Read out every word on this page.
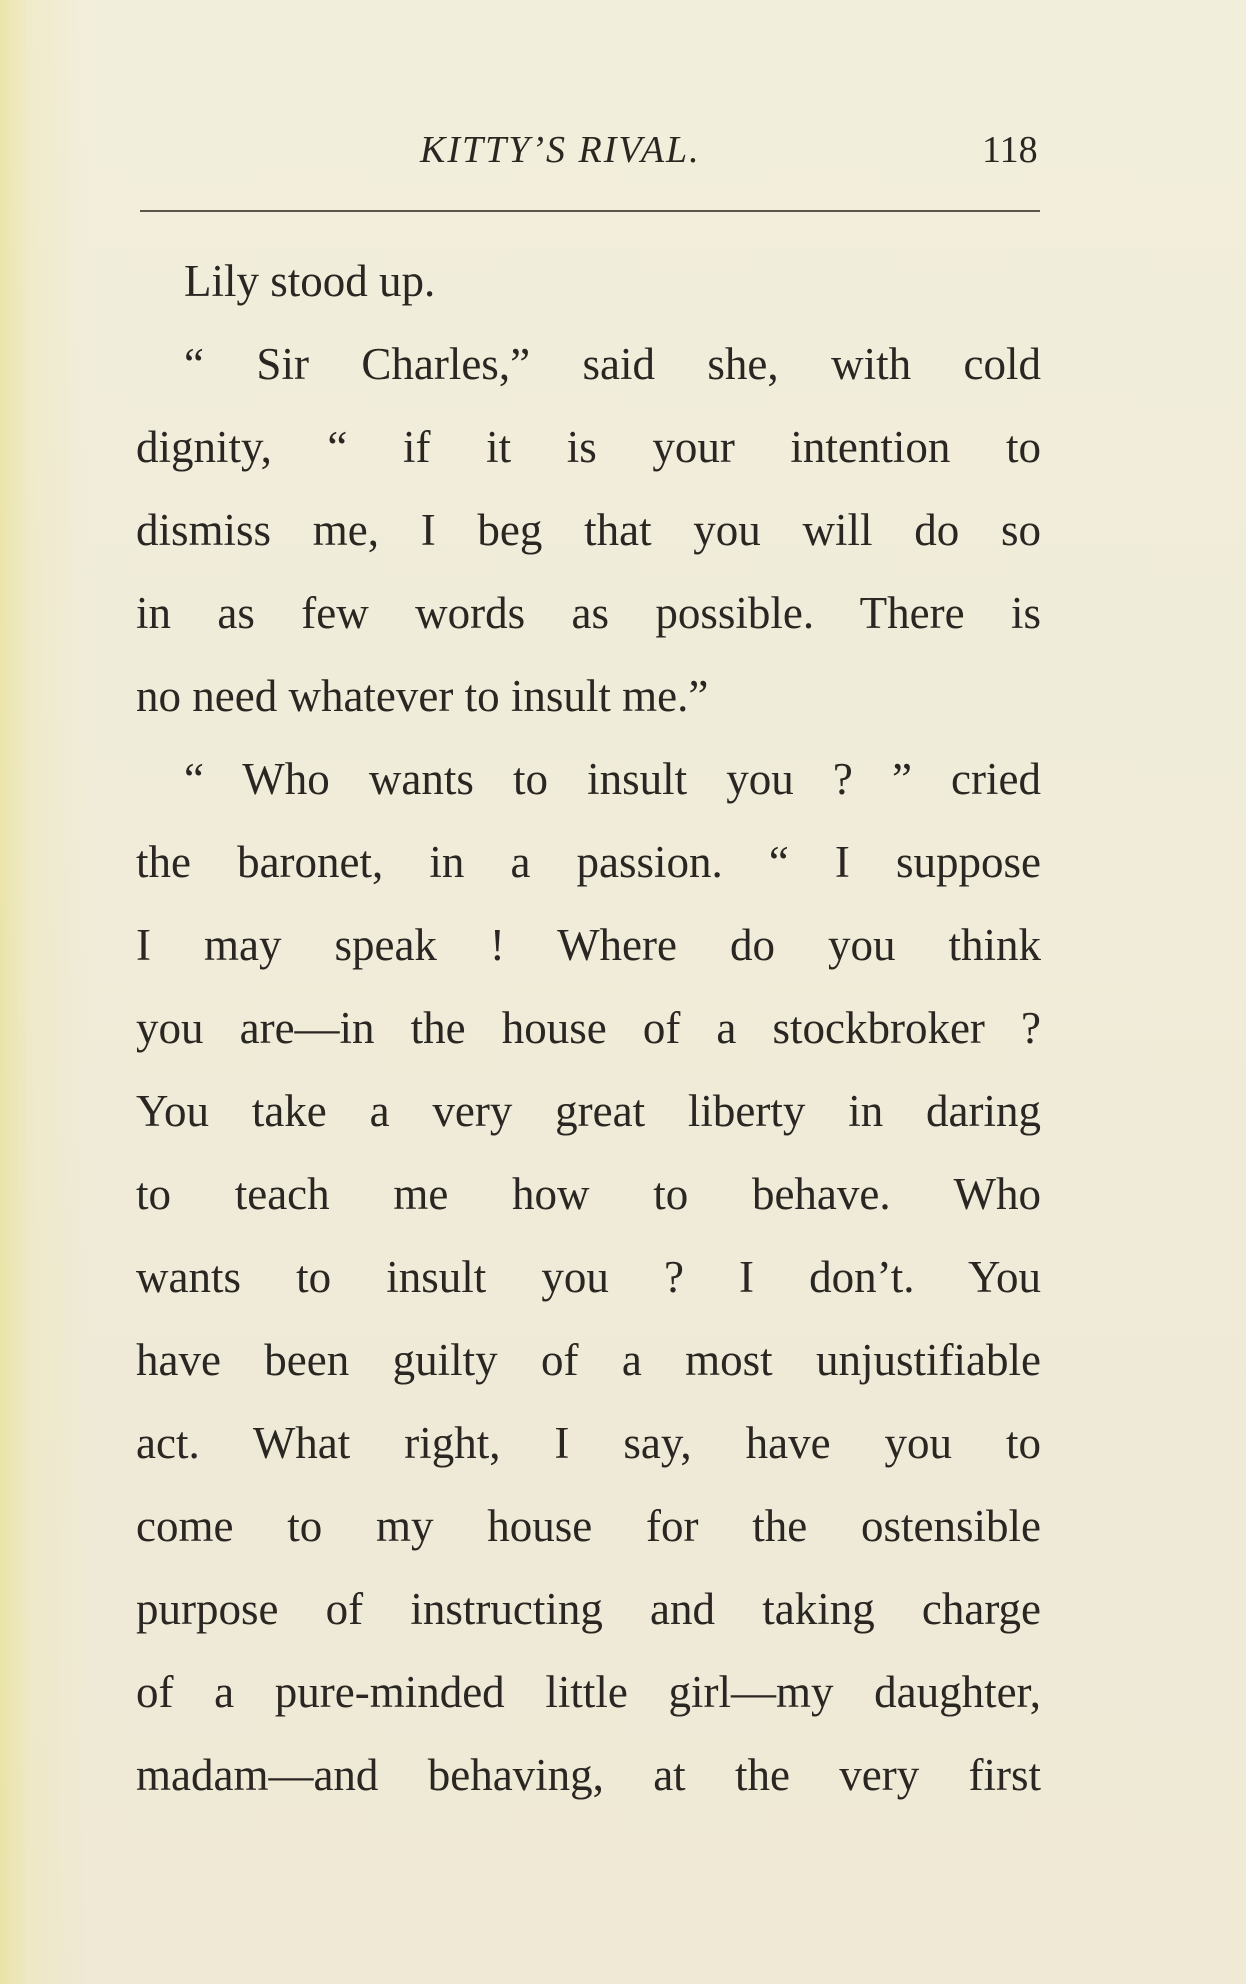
KITTY’S RIVAL.	118
Lily stood up.
“ Sir Charles,” said she, with cold
dignity, “ if it is your intention to
dismiss me, I beg that you will do so
in as few words as possible. There is
no need whatever to insult me.”
“ Who wants to insult you ? ” cried
the baronet, in a passion. “ I suppose
I may speak ! Where do you think
you are—in the house of a stockbroker ?
You take a very great liberty in daring
to teach me how to behave. Who
wants to insult you ? I don’t. You
have been guilty of a most unjustifiable
act. What right, I say, have you to
come to my house for the ostensible
purpose of instructing and taking charge
of a pure-minded little girl—my daughter,
madam—and behaving, at the very first
